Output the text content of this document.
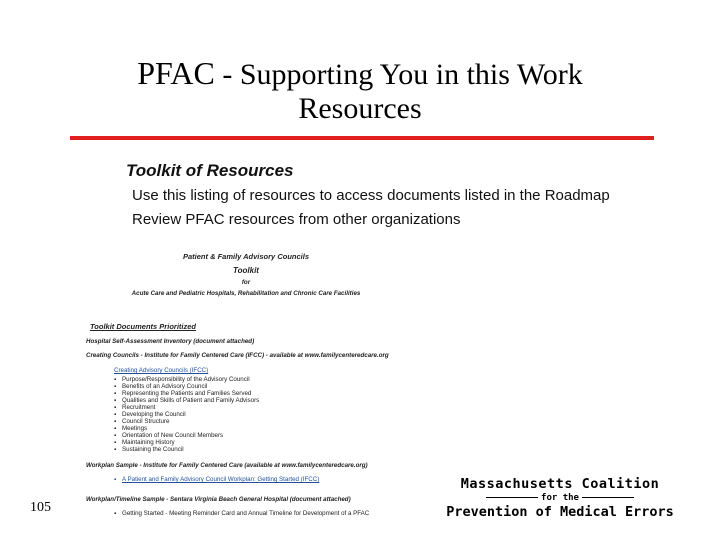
PFAC - Supporting You in this Work
Resources
Toolkit of Resources
Use this listing of resources to access documents listed in the Roadmap
Review PFAC resources from other organizations
Patient & Family Advisory Councils
Toolkit
for
Acute Care and Pediatric Hospitals, Rehabilitation and Chronic Care Facilities
Toolkit Documents Prioritized
Hospital Self-Assessment Inventory (document attached)
Creating Councils - Institute for Family Centered Care (IFCC) - available at www.familycenteredcare.org
Creating Advisory Councils (IFCC)
▪ Purpose/Responsibility of the Advisory Council
▪ Benefits of an Advisory Council
▪ Representing the Patients and Families Served
▪ Qualities and Skills of Patient and Family Advisors
▪ Recruitment
▪ Developing the Council
▪ Council Structure
▪ Meetings
▪ Orientation of New Council Members
▪ Maintaining History
▪ Sustaining the Council
Workplan Sample - Institute for Family Centered Care (available at www.familycenteredcare.org)
▪ A Patient and Family Advisory Council Workplan: Getting Started (IFCC)
Workplan/Timeline Sample - Sentara Virginia Beach General Hospital (document attached)
▪ Getting Started - Meeting Reminder Card and Annual Timeline for Development of a PFAC
105
Massachusetts Coalition
for the
Prevention of Medical Errors
